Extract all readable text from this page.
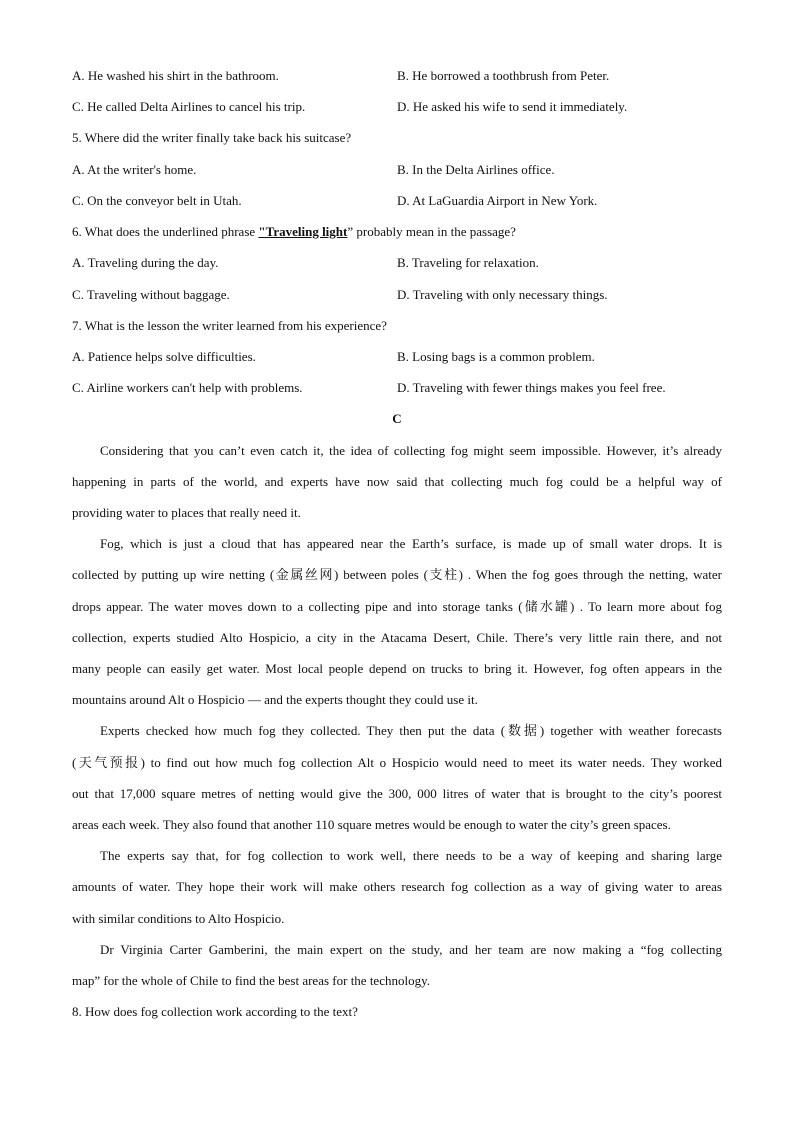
A. He washed his shirt in the bathroom.	B. He borrowed a toothbrush from Peter.
C. He called Delta Airlines to cancel his trip.	D. He asked his wife to send it immediately.
5. Where did the writer finally take back his suitcase?
A. At the writer's home.	B. In the Delta Airlines office.
C. On the conveyor belt in Utah.	D. At LaGuardia Airport in New York.
6. What does the underlined phrase "Traveling light” probably mean in the passage?
A. Traveling during the day.	B. Traveling for relaxation.
C. Traveling without baggage.	D. Traveling with only necessary things.
7. What is the lesson the writer learned from his experience?
A. Patience helps solve difficulties.	B. Losing bags is a common problem.
C. Airline workers can't help with problems.	D. Traveling with fewer things makes you feel free.
C
Considering that you can’t even catch it, the idea of collecting fog might seem impossible. However, it’s already
happening in parts of the world, and experts have now said that collecting much fog could be a helpful way of
providing water to places that really need it.
Fog, which is just a cloud that has appeared near the Earth’s surface, is made up of small water drops. It is
collected by putting up wire netting (金属丝网) between poles (支柱) . When the fog goes through the netting, water
drops appear. The water moves down to a collecting pipe and into storage tanks (储水罐) . To learn more about fog
collection, experts studied Alto Hospicio, a city in the Atacama Desert, Chile. There’s very little rain there, and not
many people can easily get water. Most local people depend on trucks to bring it. However, fog often appears in the
mountains around Alt o Hospicio — and the experts thought they could use it.
Experts checked how much fog they collected. They then put the data (数据) together with weather forecasts
(天气预报) to find out how much fog collection Alt o Hospicio would need to meet its water needs. They worked
out that 17,000 square metres of netting would give the 300, 000 litres of water that is brought to the city’s poorest
areas each week. They also found that another 110 square metres would be enough to water the city’s green spaces.
The experts say that, for fog collection to work well, there needs to be a way of keeping and sharing large
amounts of water. They hope their work will make others research fog collection as a way of giving water to areas
with similar conditions to Alto Hospicio.
Dr Virginia Carter Gamberini, the main expert on the study, and her team are now making a “fog collecting
map” for the whole of Chile to find the best areas for the technology.
8. How does fog collection work according to the text?
